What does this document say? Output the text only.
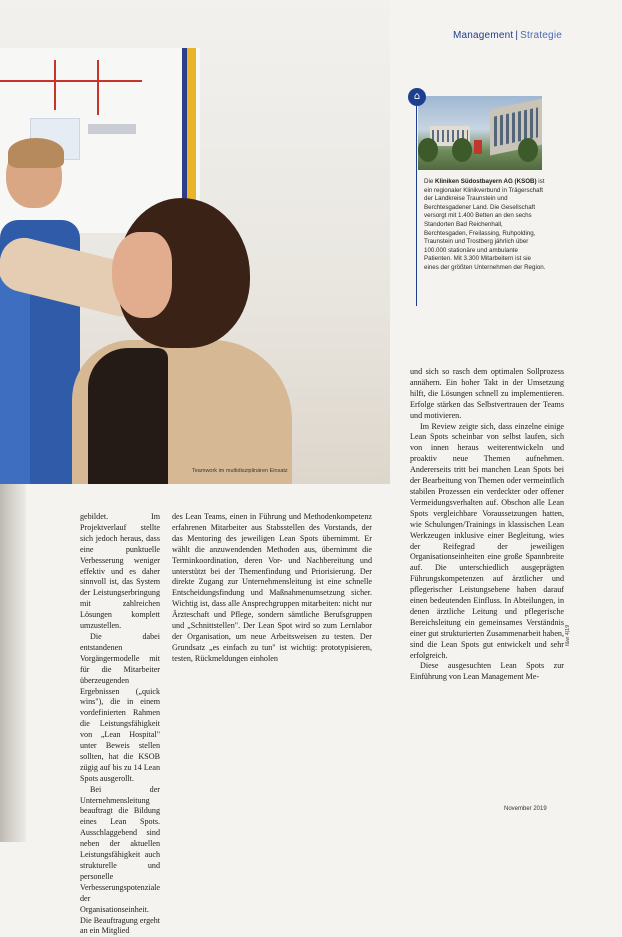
Management | Strategie
Teamwork im multidisziplinären Einsatz
⌂
Die Kliniken Südostbayern AG (KSOB) ist ein regionaler Klinikverbund in Trägerschaft der Landkreise Traunstein und Berchtesgadener Land. Die Gesellschaft versorgt mit 1.400 Betten an den sechs Standorten Bad Reichenhall, Berchtesgaden, Freilassing, Ruhpolding, Traunstein und Trostberg jährlich über 100.000 stationäre und ambulante Patienten. Mit 3.300 Mitarbeitern ist sie eines der größten Unternehmen der Region.

gebildet. Im Projektverlauf stellte sich jedoch heraus, dass eine punktuelle Verbesserung weniger effektiv und es daher sinnvoll ist, das System der Leistungserbringung mit zahlreichen Lösungen komplett umzustellen.

Die dabei entstandenen Vorgängermodelle mit für die Mitarbeiter überzeugenden Ergebnissen („quick wins"), die in einem vordefinierten Rahmen die Leistungsfähigkeit von „Lean Hospital" unter Beweis stellen sollten, hat die KSOB zügig auf bis zu 14 Lean Spots ausgerollt.

Bei der Unternehmensleitung beauftragt die Bildung eines Lean Spots. Ausschlaggebend sind neben der aktuellen Leistungsfähigkeit auch strukturelle und personelle Verbesserungspotenziale der Organisationseinheit. Die Beauftragung ergeht an ein Mitglied

des Lean Teams, einen in Führung und Methodenkompetenz erfahrenen Mitarbeiter aus Stabsstellen des Vorstands, der das Mentoring des jeweiligen Lean Spots übernimmt. Er wählt die anzuwendenden Methoden aus, übernimmt die Terminkoordination, deren Vor- und Nachbereitung und unterstützt bei der Themenfindung und Priorisierung. Der direkte Zugang zur Unternehmensleitung ist eine schnelle Entscheidungsfindung und Maßnahmenumsetzung sicher. Wichtig ist, dass alle Ansprechgruppen mitarbeiten: nicht nur Ärzteschaft und Pflege, sondern sämtliche Berufsgruppen und „Schnittstellen". Der Lean Spot wird so zum Lernlabor der Organisation, um neue Arbeitsweisen zu testen. Der Grundsatz „es einfach zu tun" ist wichtig: prototypisieren, testen, Rückmeldungen einholen

und sich so rasch dem optimalen Sollprozess annähern. Ein hoher Takt in der Umsetzung hilft, die Lösungen schnell zu implementieren. Erfolge stärken das Selbstvertrauen der Teams und motivieren.

Im Review zeigte sich, dass einzelne einige Lean Spots scheinbar von selbst laufen, sich von innen heraus weiterentwickeln und proaktiv neue Themen aufnehmen. Andererseits tritt bei manchen Lean Spots bei der Bearbeitung von Themen oder vermeintlich stabilen Prozessen ein verdeckter oder offener Vermeidungsverhalten auf. Obschon alle Lean Spots vergleichbare Voraussetzungen hatten, wie Schulungen/Trainings in klassischen Lean Werkzeugen inklusive einer Begleitung, wies der Reifegrad der jeweiligen Organisationseinheiten eine große Spannbreite auf. Die unterschiedlich ausgeprägten Führungskompetenzen auf ärztlicher und pflegerischer Leistungsebene haben darauf einen bedeutenden Einfluss. In Abteilungen, in denen ärztliche Leitung und pflegerische Bereichsleitung ein gemeinsames Verständnis einer gut strukturierten Zusammenarbeit haben, sind die Lean Spots gut entwickelt und sehr erfolgreich.

Diese ausgesuchten Lean Spots zur Einführung von Lean Management Me-

f&w 4|19
November 2019
